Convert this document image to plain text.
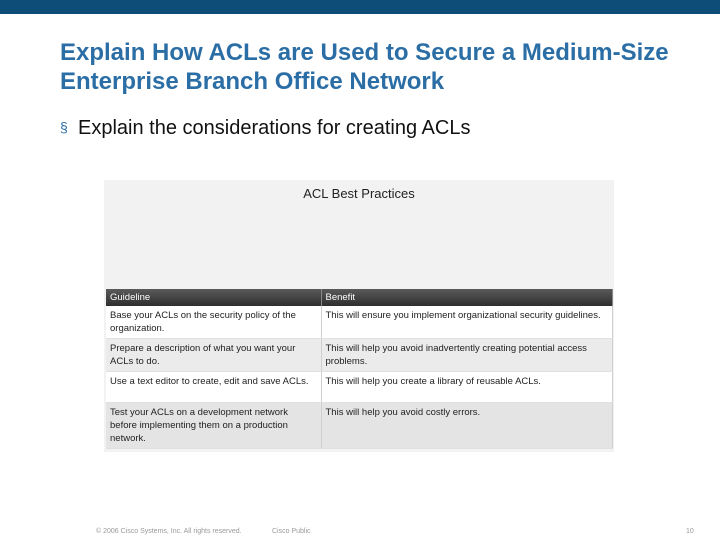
Explain How ACLs are Used to Secure a Medium-Size Enterprise Branch Office Network
§ Explain the considerations for creating ACLs
ACL Best Practices
Guideline	Benefit
Base your ACLs on the security policy of the organization.	This will ensure you implement organizational security guidelines.
Prepare a description of what you want your ACLs to do.	This will help you avoid inadvertently creating potential access problems.
Use a text editor to create, edit and save ACLs.	This will help you create a library of reusable ACLs.
Test your ACLs on a development network before implementing them on a production network.	This will help you avoid costly errors.
© 2006 Cisco Systems, Inc. All rights reserved.	Cisco Public	10
